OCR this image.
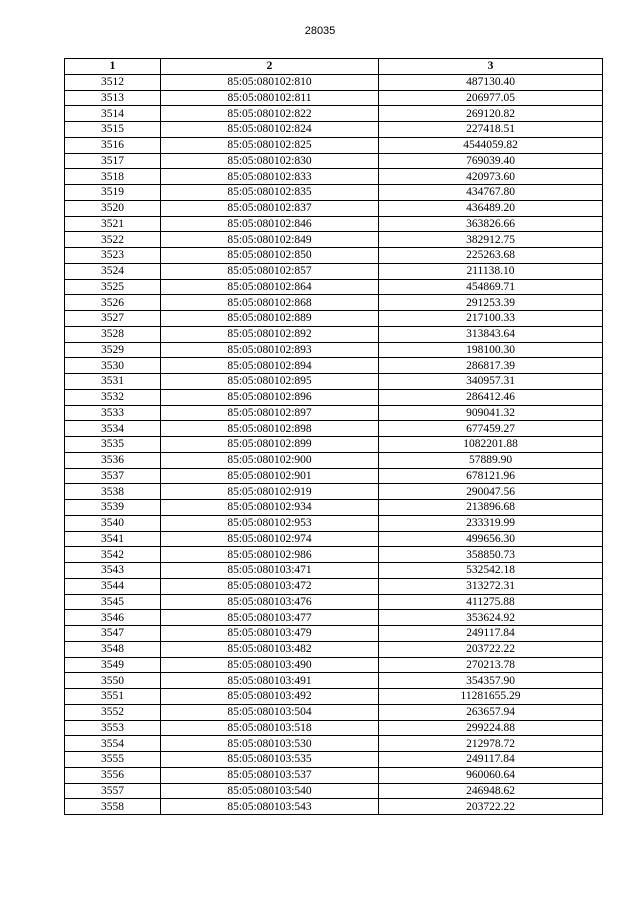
28035
1	2	3
3512	85:05:080102:810	487130.40
3513	85:05:080102:811	206977.05
3514	85:05:080102:822	269120.82
3515	85:05:080102:824	227418.51
3516	85:05:080102:825	4544059.82
3517	85:05:080102:830	769039.40
3518	85:05:080102:833	420973.60
3519	85:05:080102:835	434767.80
3520	85:05:080102:837	436489.20
3521	85:05:080102:846	363826.66
3522	85:05:080102:849	382912.75
3523	85:05:080102:850	225263.68
3524	85:05:080102:857	211138.10
3525	85:05:080102:864	454869.71
3526	85:05:080102:868	291253.39
3527	85:05:080102:889	217100.33
3528	85:05:080102:892	313843.64
3529	85:05:080102:893	198100.30
3530	85:05:080102:894	286817.39
3531	85:05:080102:895	340957.31
3532	85:05:080102:896	286412.46
3533	85:05:080102:897	909041.32
3534	85:05:080102:898	677459.27
3535	85:05:080102:899	1082201.88
3536	85:05:080102:900	57889.90
3537	85:05:080102:901	678121.96
3538	85:05:080102:919	290047.56
3539	85:05:080102:934	213896.68
3540	85:05:080102:953	233319.99
3541	85:05:080102:974	499656.30
3542	85:05:080102:986	358850.73
3543	85:05:080103:471	532542.18
3544	85:05:080103:472	313272.31
3545	85:05:080103:476	411275.88
3546	85:05:080103:477	353624.92
3547	85:05:080103:479	249117.84
3548	85:05:080103:482	203722.22
3549	85:05:080103:490	270213.78
3550	85:05:080103:491	354357.90
3551	85:05:080103:492	11281655.29
3552	85:05:080103:504	263657.94
3553	85:05:080103:518	299224.88
3554	85:05:080103:530	212978.72
3555	85:05:080103:535	249117.84
3556	85:05:080103:537	960060.64
3557	85:05:080103:540	246948.62
3558	85:05:080103:543	203722.22
